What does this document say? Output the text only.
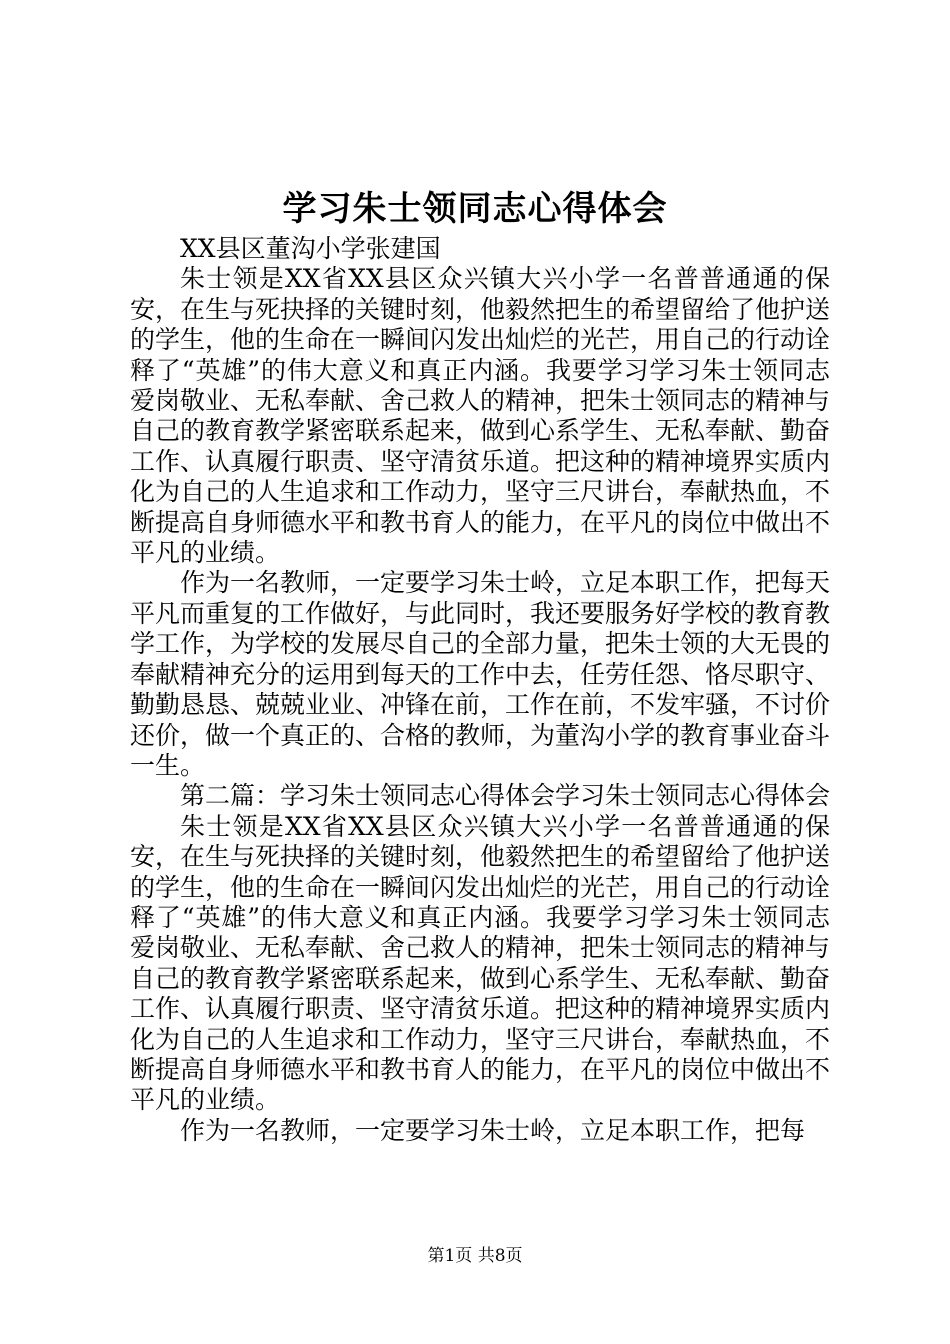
学习朱士领同志心得体会

XX县区董沟小学张建国

朱士领是XX省XX县区众兴镇大兴小学一名普普通通的保安，在生与死抉择的关键时刻，他毅然把生的希望留给了他护送的学生，他的生命在一瞬间闪发出灿烂的光芒，用自己的行动诠释了“英雄”的伟大意义和真正内涵。我要学习学习朱士领同志爱岗敬业、无私奉献、舍己救人的精神，把朱士领同志的精神与自己的教育教学紧密联系起来，做到心系学生、无私奉献、勤奋工作、认真履行职责、坚守清贫乐道。把这种的精神境界实质内化为自己的人生追求和工作动力，坚守三尺讲台，奉献热血，不断提高自身师德水平和教书育人的能力，在平凡的岗位中做出不平凡的业绩。

作为一名教师，一定要学习朱士岭，立足本职工作，把每天平凡而重复的工作做好，与此同时，我还要服务好学校的教育教学工作，为学校的发展尽自己的全部力量，把朱士领的大无畏的奉献精神充分的运用到每天的工作中去，任劳任怨、恪尽职守、勤勤恳恳、兢兢业业、冲锋在前，工作在前，不发牢骚，不讨价还价，做一个真正的、合格的教师，为董沟小学的教育事业奋斗一生。

第二篇：学习朱士领同志心得体会学习朱士领同志心得体会

朱士领是XX省XX县区众兴镇大兴小学一名普普通通的保安，在生与死抉择的关键时刻，他毅然把生的希望留给了他护送的学生，他的生命在一瞬间闪发出灿烂的光芒，用自己的行动诠释了“英雄”的伟大意义和真正内涵。我要学习学习朱士领同志爱岗敬业、无私奉献、舍己救人的精神，把朱士领同志的精神与自己的教育教学紧密联系起来，做到心系学生、无私奉献、勤奋工作、认真履行职责、坚守清贫乐道。把这种的精神境界实质内化为自己的人生追求和工作动力，坚守三尺讲台，奉献热血，不断提高自身师德水平和教书育人的能力，在平凡的岗位中做出不平凡的业绩。

作为一名教师，一定要学习朱士岭，立足本职工作，把每

第1页 共8页
